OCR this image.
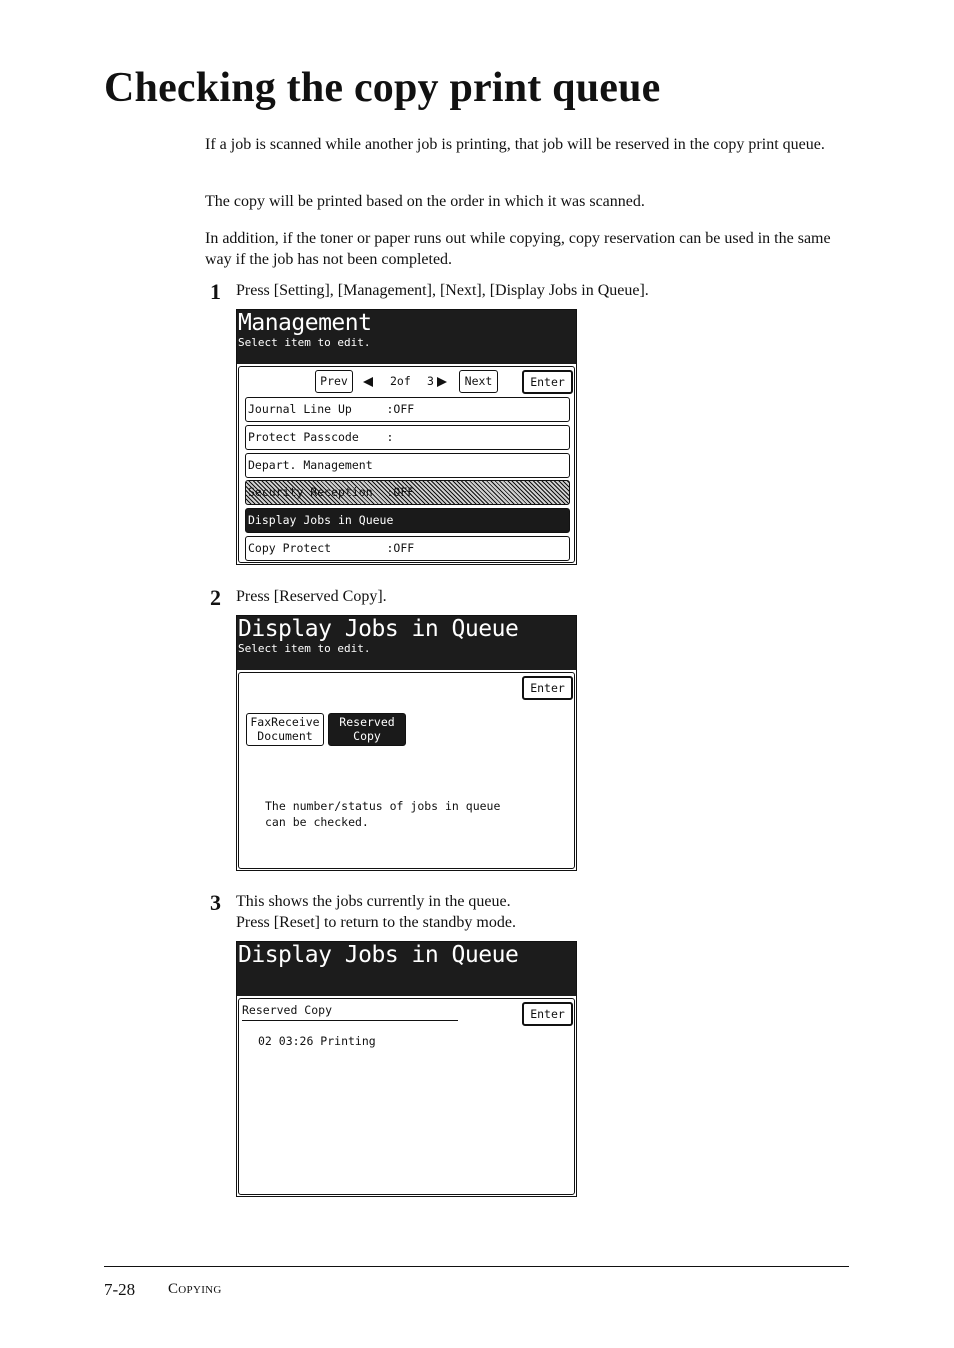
Checking the copy print queue

If a job is scanned while another job is printing, that job will be reserved in the copy print queue.

The copy will be printed based on the order in which it was scanned.

In addition, if the toner or paper runs out while copying, copy reservation can be used in the same way if the job has not been completed.

1 Press [Setting], [Management], [Next], [Display Jobs in Queue].
Management
Select item to edit.
Prev	2of 3	Next	Enter
Journal Line Up     :OFF
Protect Passcode    :
Depart. Management
Security Reception  :OFF
Display Jobs in Queue
Copy Protect        :OFF
2 Press [Reserved Copy].
Display Jobs in Queue
Select item to edit.
Enter
FaxReceive
Document
Reserved
Copy
The number/status of jobs in queue
can be checked.
3 This shows the jobs currently in the queue.
Press [Reset] to return to the standby mode.
Display Jobs in Queue
Reserved Copy	Enter
02 03:26 Printing
7-28 Copying
